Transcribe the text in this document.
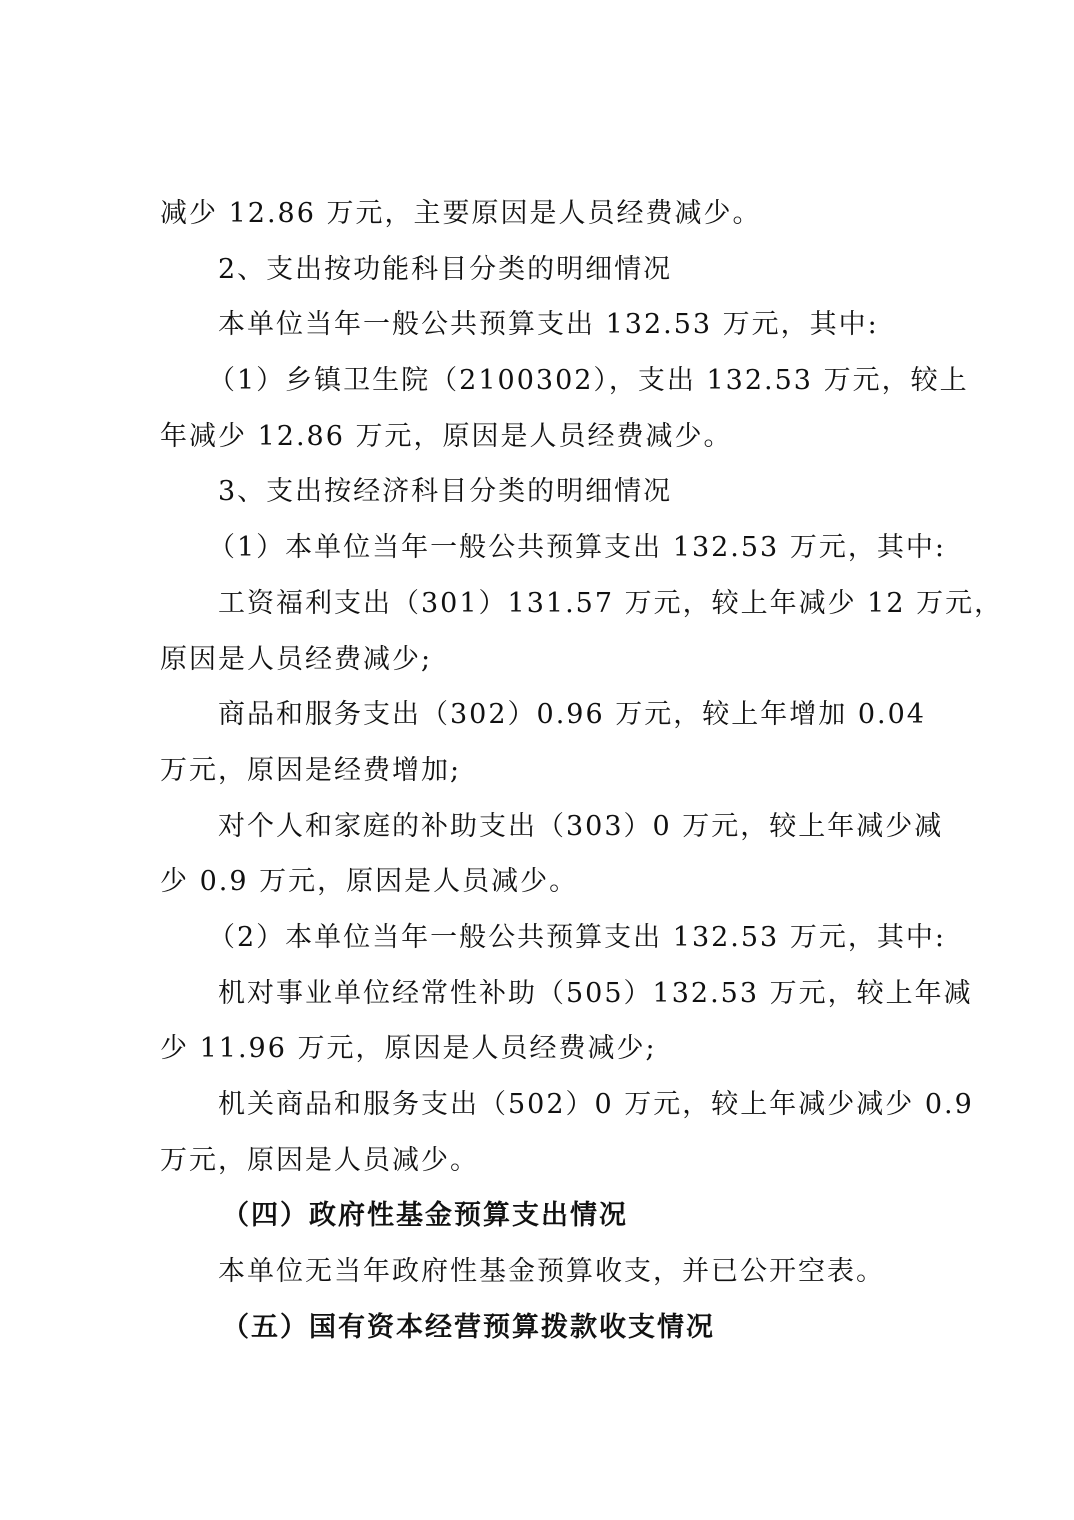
减少 12.86 万元，主要原因是人员经费减少。
2、支出按功能科目分类的明细情况
本单位当年一般公共预算支出 132.53 万元，其中:
（1）乡镇卫生院（2100302），支出 132.53 万元，较上
年减少 12.86 万元，原因是人员经费减少。
3、支出按经济科目分类的明细情况
（1）本单位当年一般公共预算支出 132.53 万元，其中:
工资福利支出（301）131.57 万元，较上年减少 12 万元，
原因是人员经费减少;
商品和服务支出（302）0.96 万元，较上年增加 0.04
万元，原因是经费增加;
对个人和家庭的补助支出（303）0 万元，较上年减少减
少 0.9 万元，原因是人员减少。
（2）本单位当年一般公共预算支出 132.53 万元，其中:
机对事业单位经常性补助（505）132.53 万元，较上年减
少 11.96 万元，原因是人员经费减少;
机关商品和服务支出（502）0 万元，较上年减少减少 0.9
万元，原因是人员减少。
（四）政府性基金预算支出情况
本单位无当年政府性基金预算收支，并已公开空表。
（五）国有资本经营预算拨款收支情况
